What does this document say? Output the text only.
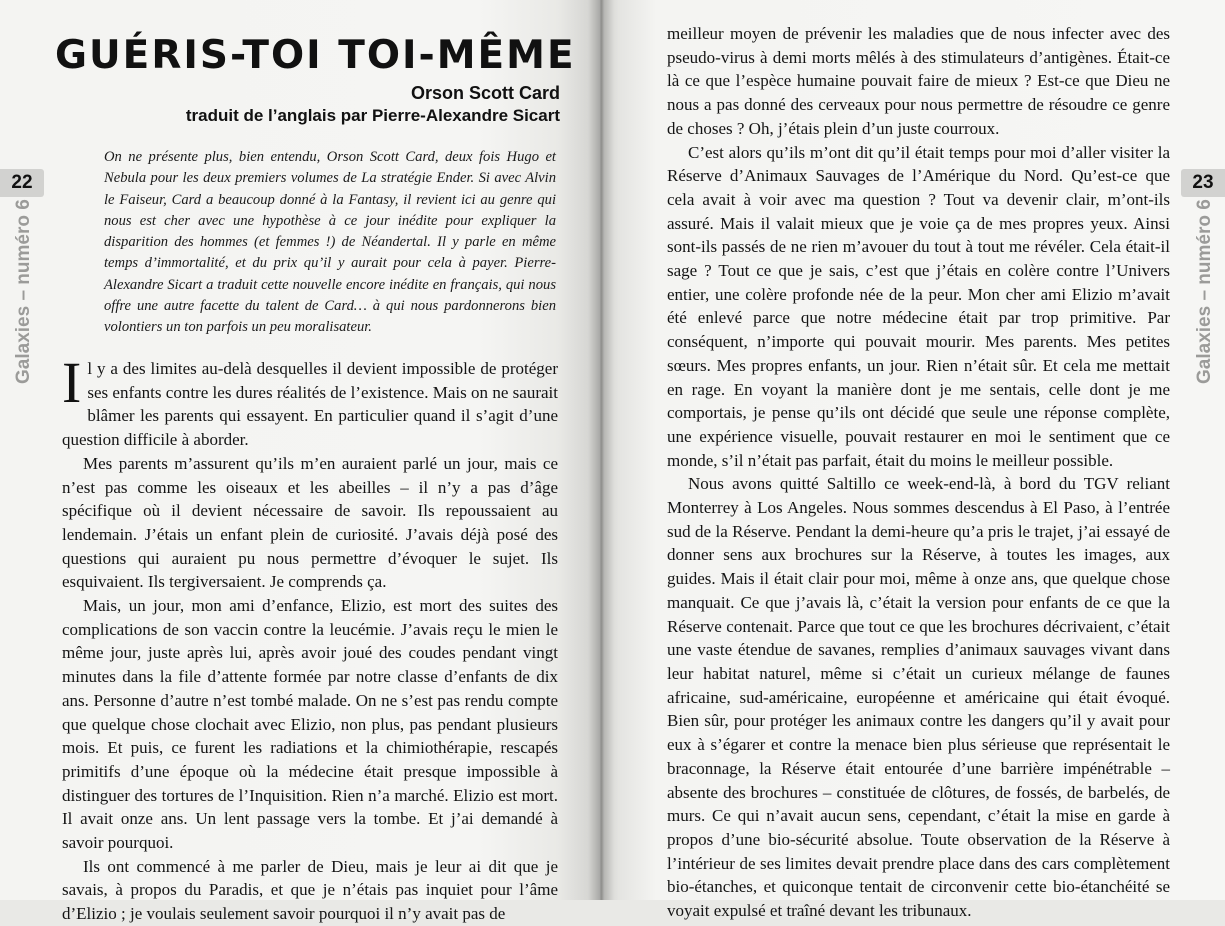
GUÉRIS-TOI TOI-MÊME
Orson Scott Card
traduit de l’anglais par Pierre-Alexandre Sicart
22
Galaxies – numéro 6
On ne présente plus, bien entendu, Orson Scott Card, deux fois Hugo et Nebula pour les deux premiers volumes de La stratégie Ender. Si avec Alvin le Faiseur, Card a beaucoup donné à la Fantasy, il revient ici au genre qui nous est cher avec une hypothèse à ce jour inédite pour expliquer la disparition des hommes (et femmes !) de Néandertal. Il y parle en même temps d’immortalité, et du prix qu’il y aurait pour cela à payer. Pierre-Alexandre Sicart a traduit cette nouvelle encore inédite en français, qui nous offre une autre facette du talent de Card… à qui nous pardonnerons bien volontiers un ton parfois un peu moralisateur.

Il y a des limites au-delà desquelles il devient impossible de protéger ses enfants contre les dures réalités de l’existence. Mais on ne saurait blâmer les parents qui essayent. En particulier quand il s’agit d’une question difficile à aborder.

Mes parents m’assurent qu’ils m’en auraient parlé un jour, mais ce n’est pas comme les oiseaux et les abeilles – il n’y a pas d’âge spécifique où il devient nécessaire de savoir. Ils repoussaient au lendemain. J’étais un enfant plein de curiosité. J’avais déjà posé des questions qui auraient pu nous permettre d’évoquer le sujet. Ils esquivaient. Ils tergiversaient. Je comprends ça.

Mais, un jour, mon ami d’enfance, Elizio, est mort des suites des complications de son vaccin contre la leucémie. J’avais reçu le mien le même jour, juste après lui, après avoir joué des coudes pendant vingt minutes dans la file d’attente formée par notre classe d’enfants de dix ans. Personne d’autre n’est tombé malade. On ne s’est pas rendu compte que quelque chose clochait avec Elizio, non plus, pas pendant plusieurs mois. Et puis, ce furent les radiations et la chimiothérapie, rescapés primitifs d’une époque où la médecine était presque impossible à distinguer des tortures de l’Inquisition. Rien n’a marché. Elizio est mort. Il avait onze ans. Un lent passage vers la tombe. Et j’ai demandé à savoir pourquoi.

Ils ont commencé à me parler de Dieu, mais je leur ai dit que je savais, à propos du Paradis, et que je n’étais pas inquiet pour l’âme d’Elizio ; je voulais seulement savoir pourquoi il n’y avait pas de

23
Galaxies – numéro 6

meilleur moyen de prévenir les maladies que de nous infecter avec des pseudo-virus à demi morts mêlés à des stimulateurs d’antigènes. Était-ce là ce que l’espèce humaine pouvait faire de mieux ? Est-ce que Dieu ne nous a pas donné des cerveaux pour nous permettre de résoudre ce genre de choses ? Oh, j’étais plein d’un juste courroux.

C’est alors qu’ils m’ont dit qu’il était temps pour moi d’aller visiter la Réserve d’Animaux Sauvages de l’Amérique du Nord. Qu’est-ce que cela avait à voir avec ma question ? Tout va devenir clair, m’ont-ils assuré. Mais il valait mieux que je voie ça de mes propres yeux. Ainsi sont-ils passés de ne rien m’avouer du tout à tout me révéler. Cela était-il sage ? Tout ce que je sais, c’est que j’étais en colère contre l’Univers entier, une colère profonde née de la peur. Mon cher ami Elizio m’avait été enlevé parce que notre médecine était par trop primitive. Par conséquent, n’importe qui pouvait mourir. Mes parents. Mes petites sœurs. Mes propres enfants, un jour. Rien n’était sûr. Et cela me mettait en rage. En voyant la manière dont je me sentais, celle dont je me comportais, je pense qu’ils ont décidé que seule une réponse complète, une expérience visuelle, pouvait restaurer en moi le sentiment que ce monde, s’il n’était pas parfait, était du moins le meilleur possible.

Nous avons quitté Saltillo ce week-end-là, à bord du TGV reliant Monterrey à Los Angeles. Nous sommes descendus à El Paso, à l’entrée sud de la Réserve. Pendant la demi-heure qu’a pris le trajet, j’ai essayé de donner sens aux brochures sur la Réserve, à toutes les images, aux guides. Mais il était clair pour moi, même à onze ans, que quelque chose manquait. Ce que j’avais là, c’était la version pour enfants de ce que la Réserve contenait. Parce que tout ce que les brochures décrivaient, c’était une vaste étendue de savanes, remplies d’animaux sauvages vivant dans leur habitat naturel, même si c’était un curieux mélange de faunes africaine, sud-américaine, européenne et américaine qui était évoqué. Bien sûr, pour protéger les animaux contre les dangers qu’il y avait pour eux à s’égarer et contre la menace bien plus sérieuse que représentait le braconnage, la Réserve était entourée d’une barrière impénétrable – absente des brochures – constituée de clôtures, de fossés, de barbelés, de murs. Ce qui n’avait aucun sens, cependant, c’était la mise en garde à propos d’une bio-sécurité absolue. Toute observation de la Réserve à l’intérieur de ses limites devait prendre place dans des cars complètement bio-étanches, et quiconque tentait de circonvenir cette bio-étanchéité se voyait expulsé et traîné devant les tribunaux.
